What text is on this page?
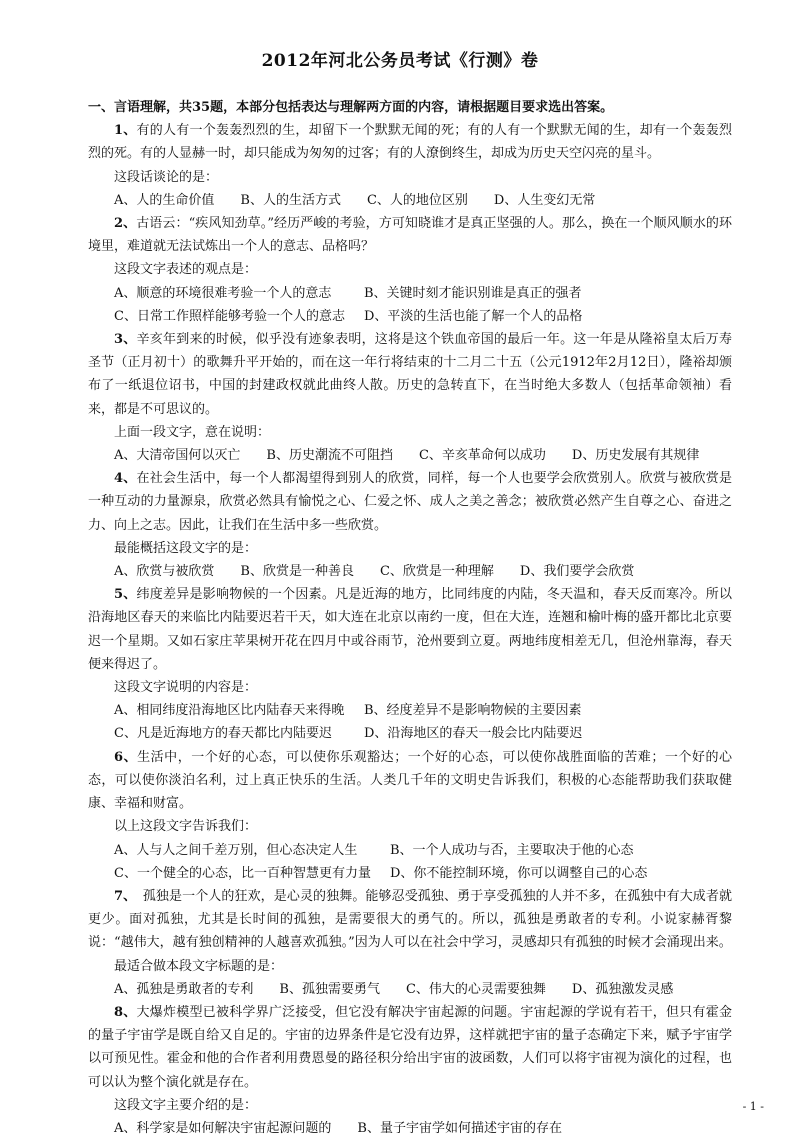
2012年河北公务员考试《行测》卷

一、言语理解，共35题，本部分包括表达与理解两方面的内容，请根据题目要求选出答案。

1、有的人有一个轰轰烈烈的生，却留下一个默默无闻的死；有的人有一个默默无闻的生，却有一个轰轰烈烈的死。有的人显赫一时，却只能成为匆匆的过客；有的人潦倒终生，却成为历史天空闪亮的星斗。

这段话谈论的是：

A、人的生命价值 B、人的生活方式 C、人的地位区别 D、人生变幻无常

2、古语云：“疾风知劲草。”经历严峻的考验，方可知晓谁才是真正坚强的人。那么，换在一个顺风顺水的环境里，难道就无法试炼出一个人的意志、品格吗？

这段文字表述的观点是：

A、顺意的环境很难考验一个人的意志	B、关键时刻才能识别谁是真正的强者
C、日常工作照样能够考验一个人的意志	D、平淡的生活也能了解一个人的品格

3、辛亥年到来的时候，似乎没有迹象表明，这将是这个铁血帝国的最后一年。这一年是从隆裕皇太后万寿圣节（正月初十）的歌舞升平开始的，而在这一年行将结束的十二月二十五（公元1912年2月12日），隆裕却颁布了一纸退位诏书，中国的封建政权就此曲终人散。历史的急转直下，在当时绝大多数人（包括革命领袖）看来，都是不可思议的。

上面一段文字，意在说明：

A、大清帝国何以灭亡 B、历史潮流不可阻挡 C、辛亥革命何以成功 D、历史发展有其规律

4、在社会生活中，每一个人都渴望得到别人的欣赏，同样，每一个人也要学会欣赏别人。欣赏与被欣赏是一种互动的力量源泉，欣赏必然具有愉悦之心、仁爱之怀、成人之美之善念；被欣赏必然产生自尊之心、奋进之力、向上之志。因此，让我们在生活中多一些欣赏。

最能概括这段文字的是：

A、欣赏与被欣赏 B、欣赏是一种善良 C、欣赏是一种理解 D、我们要学会欣赏

5、纬度差异是影响物候的一个因素。凡是近海的地方，比同纬度的内陆，冬天温和，春天反而寒冷。所以沿海地区春天的来临比内陆要迟若干天，如大连在北京以南约一度，但在大连，连翘和榆叶梅的盛开都比北京要迟一个星期。又如石家庄苹果树开花在四月中或谷雨节，沧州要到立夏。两地纬度相差无几，但沧州靠海，春天便来得迟了。

这段文字说明的内容是：

A、相同纬度沿海地区比内陆春天来得晚	B、经度差异不是影响物候的主要因素
C、凡是近海地方的春天都比内陆要迟	D、沿海地区的春天一般会比内陆要迟

6、生活中，一个好的心态，可以使你乐观豁达；一个好的心态，可以使你战胜面临的苦难；一个好的心态，可以使你淡泊名利，过上真正快乐的生活。人类几千年的文明史告诉我们，积极的心态能帮助我们获取健康、幸福和财富。

以上这段文字告诉我们：

A、人与人之间千差万别，但心态决定人生	B、一个人成功与否，主要取决于他的心态
C、一个健全的心态，比一百种智慧更有力量	D、你不能控制环境，你可以调整自己的心态

7、　孤独是一个人的狂欢，是心灵的独舞。能够忍受孤独、勇于享受孤独的人并不多，在孤独中有大成者就更少。面对孤独，尤其是长时间的孤独，是需要很大的勇气的。所以，孤独是勇敢者的专利。小说家赫胥黎说：“越伟大，越有独创精神的人越喜欢孤独。”因为人可以在社会中学习，灵感却只有孤独的时候才会涌现出来。

最适合做本段文字标题的是：

A、孤独是勇敢者的专利 B、孤独需要勇气 C、伟大的心灵需要独舞 D、孤独激发灵感

8、大爆炸模型已被科学界广泛接受，但它没有解决宇宙起源的问题。宇宙起源的学说有若干，但只有霍金的量子宇宙学是既自给又自足的。宇宙的边界条件是它没有边界，这样就把宇宙的量子态确定下来，赋予宇宙学以可预见性。霍金和他的合作者利用费恩曼的路径积分给出宇宙的波函数，人们可以将宇宙视为演化的过程，也可以认为整个演化就是存在。

这段文字主要介绍的是：

A、科学家是如何解决宇宙起源问题的 B、量子宇宙学如何描述宇宙的存在
- 1 -
